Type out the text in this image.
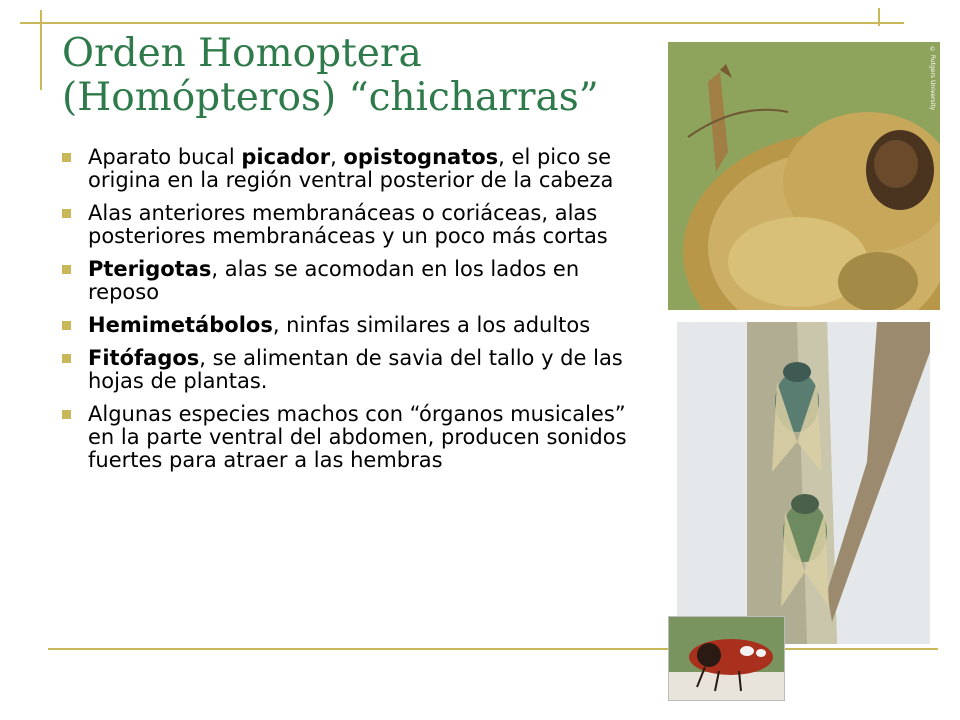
Orden Homoptera (Homópteros) “chicharras”
Aparato bucal picador, opistognatos, el pico se origina en la región ventral posterior de la cabeza
Alas anteriores membranáceas o coriáceas, alas posteriores membranáceas y un poco más cortas
Pterigotas, alas se acomodan en los lados en reposo
Hemimetábolos, ninfas similares a los adultos
Fitófagos, se alimentan de savia del tallo y de las hojas de plantas.
Algunas especies machos con “órganos musicales” en la parte ventral del abdomen, producen sonidos fuertes para atraer a las hembras
© Rutgers University
